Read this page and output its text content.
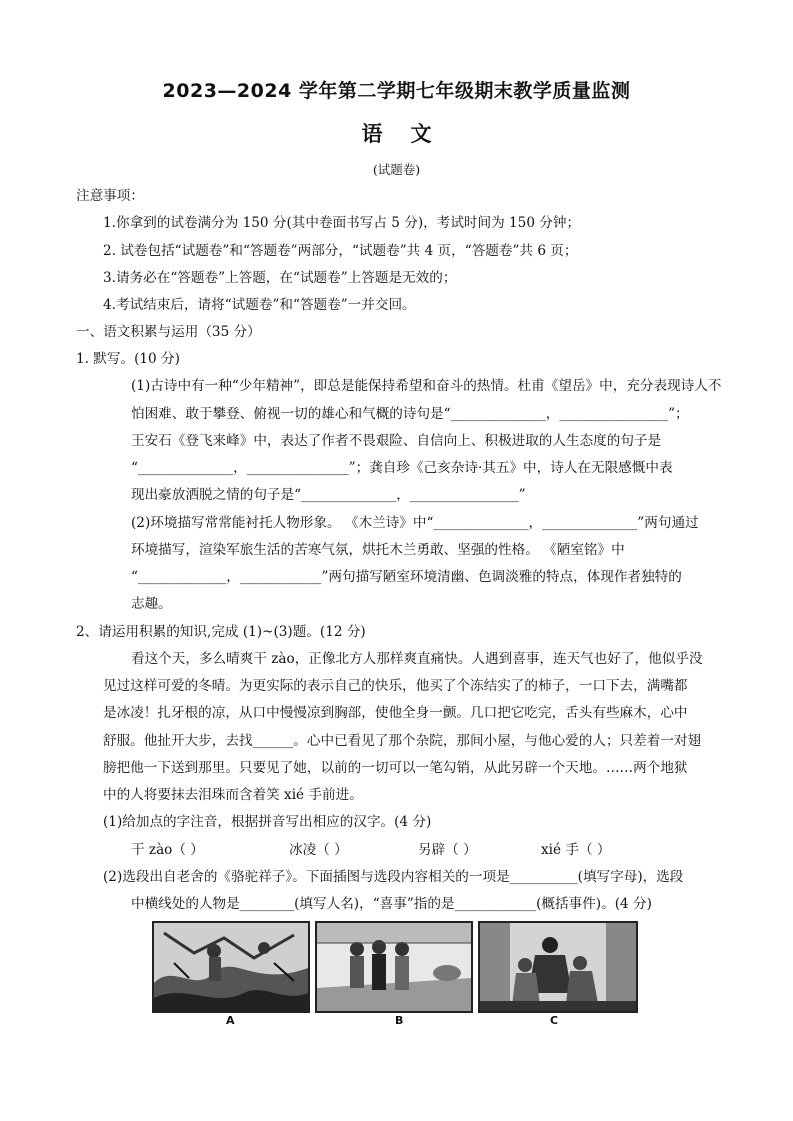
2023—2024 学年第二学期七年级期末教学质量监测
语 文
(试题卷)
注意事项：
1.你拿到的试卷满分为 150 分(其中卷面书写占 5 分)，考试时间为 150 分钟；
2. 试卷包括“试题卷”和“答题卷”两部分，“试题卷”共 4 页，“答题卷”共 6 页；
3.请务必在“答题卷”上答题，在“试题卷”上答题是无效的；
4.考试结束后，请将“试题卷”和“答题卷”一并交回。
一、语文积累与运用（35 分）
1. 默写。(10 分)
(1)古诗中有一种“少年精神”，即总是能保持希望和奋斗的热情。杜甫《望岳》中，充分表现诗人不
怕困难、敢于攀登、俯视一切的雄心和气概的诗句是“______________，________________”；
王安石《登飞来峰》中，表达了作者不畏艰险、自信向上、积极进取的人生态度的句子是
“______________，_______________”；龚自珍《己亥杂诗·其五》中，诗人在无限感慨中表
现出豪放洒脱之情的句子是“______________，________________”
(2)环境描写常常能衬托人物形象。 《木兰诗》中“______________，______________”两句通过
环境描写，渲染军旅生活的苦寒气氛，烘托木兰勇敢、坚强的性格。 《陋室铭》中
“_____________，____________”两句描写陋室环境清幽、色调淡雅的特点，体现作者独特的
志趣。
2、请运用积累的知识,完成 (1)~(3)题。(12 分)
看这个天，多么晴爽干 zào，正像北方人那样爽直痛快。人遇到喜事，连天气也好了，他似乎没
见过这样可爱的冬晴。为更实际的表示自己的快乐，他买了个冻结实了的柿子，一口下去，满嘴都
是冰凌！扎牙根的凉，从口中慢慢凉到胸部，使他全身一颤。几口把它吃完，舌头有些麻木，心中
舒服。他扯开大步，去找______。心中已看见了那个杂院，那间小屋，与他心爱的人；只差着一对翅
膀把他一下送到那里。只要见了她，以前的一切可以一笔勾销，从此另辟一个天地。……两个地狱
中的人将要抹去泪珠而含着笑 xié 手前进。
(1)给加点的字注音，根据拼音写出相应的汉字。(4 分)
干 zào（ ）	冰凌（ ）	另辟（ ）	xié 手（ ）
(2)选段出自老舍的《骆驼祥子》。下面插图与选段内容相关的一项是__________(填写字母)，选段
中横线处的人物是________(填写人名)，“喜事”指的是____________(概括事件)。(4 分)
A	B	C
